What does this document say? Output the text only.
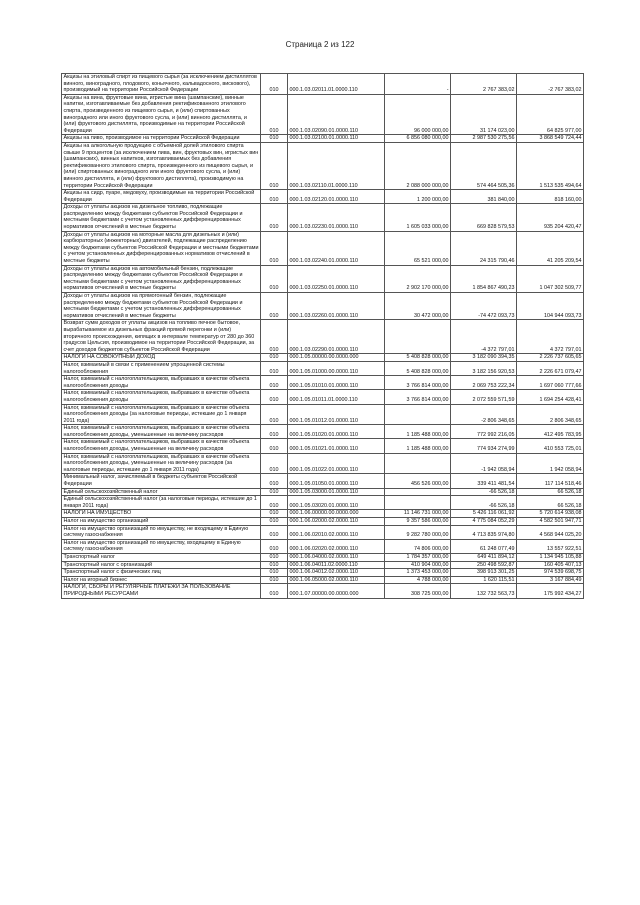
Страница 2 из 122
Акцизы на этиловый спирт из пищевого сырья (за исключением дистиллятов винного, виноградного, плодового, коньячного, кальвадосного, вискового), производимый на территории Российской Федерации	010	000.1.03.02011.01.0000.110	-	2 767 383,02	-2 767 383,02
Акцизы на вина, фруктовые вина, игристые вина (шампанские), винные напитки, изготавливаемые без добавления ректификованного этилового спирта, произведенного из пищевого сырья, и (или) спиртованных виноградного или иного фруктового сусла, и (или) винного дистиллята, и (или) фруктового дистиллята, производимые на территории Российской Федерации	010	000.1.03.02090.01.0000.110	96 000 000,00	31 174 023,00	64 825 977,00
Акцизы на пиво, производимое на территории Российской Федерации	010	000.1.03.02100.01.0000.110	6 856 080 000,00	2 987 530 275,56	3 868 549 724,44
Акцизы на алкогольную продукцию с объемной долей этилового спирта свыше 9 процентов (за исключением пива, вин, фруктовых вин, игристых вин (шампанских), винных напитков, изготавливаемых без добавления ректификованного этилового спирта, произведенного из пищевого сырья, и (или) спиртованных виноградного или иного фруктового сусла, и (или) винного дистиллята, и (или) фруктового дистиллята), производимую на территории Российской Федерации	010	000.1.03.02110.01.0000.110	2 088 000 000,00	574 464 505,36	1 513 535 494,64
Акцизы на сидр, пуаре, медовуху, производимые на территории Российской Федерации	010	000.1.03.02120.01.0000.110	1 200 000,00	381 840,00	818 160,00
Доходы от уплаты акцизов на дизельное топливо, подлежащие распределению между бюджетами субъектов Российской Федерации и местными бюджетами с учетом установленных дифференцированных нормативов отчислений в местные бюджеты	010	000.1.03.02230.01.0000.110	1 605 033 000,00	669 828 579,53	935 204 420,47
Доходы от уплаты акцизов на моторные масла для дизельных и (или) карбюраторных (инжекторных) двигателей, подлежащие распределению между бюджетами субъектов Российской Федерации и местными бюджетами с учетом установленных дифференцированных нормативов отчислений в местные бюджеты	010	000.1.03.02240.01.0000.110	65 521 000,00	24 315 790,46	41 205 209,54
Доходы от уплаты акцизов на автомобильный бензин, подлежащие распределению между бюджетами субъектов Российской Федерации и местными бюджетами с учетом установленных дифференцированных нормативов отчислений в местные бюджеты	010	000.1.03.02250.01.0000.110	2 902 170 000,00	1 854 867 490,23	1 047 302 509,77
Доходы от уплаты акцизов на прямогонный бензин, подлежащие распределению между бюджетами субъектов Российской Федерации и местными бюджетами с учетом установленных дифференцированных нормативов отчислений в местные бюджеты	010	000.1.03.02260.01.0000.110	30 472 000,00	-74 472 093,73	104 944 093,73
Возврат сумм доходов от уплаты акцизов на топливо печное бытовое, вырабатываемое из дизельных фракций прямой перегонки и (или) вторичного происхождения, кипящих в интервале температур от 280 до 360 градусов Цельсия, производимое на территории Российской Федерации, за счет доходов бюджетов субъектов Российской Федерации	010	000.1.03.02290.01.0000.110		-4 372 797,01	4 372 797,01
НАЛОГИ НА СОВОКУПНЫЙ ДОХОД	010	000.1.05.00000.00.0000.000	5 408 828 000,00	3 182 090 394,35	2 226 737 605,65
Налог, взимаемый в связи с применением упрощенной системы налогообложения	010	000.1.05.01000.00.0000.110	5 408 828 000,00	3 182 156 920,53	2 226 671 079,47
Налог, взимаемый с налогоплательщиков, выбравших в качестве объекта налогообложения доходы	010	000.1.05.01010.01.0000.110	3 766 814 000,00	2 069 753 222,34	1 697 060 777,66
Налог, взимаемый с налогоплательщиков, выбравших в качестве объекта налогообложения доходы	010	000.1.05.01011.01.0000.110	3 766 814 000,00	2 072 559 571,59	1 694 254 428,41
Налог, взимаемый с налогоплательщиков, выбравших в качестве объекта налогообложения доходы (за налоговые периоды, истекшие до 1 января 2011 года)	010	000.1.05.01012.01.0000.110		-2 806 348,65	2 806 348,65
Налог, взимаемый с налогоплательщиков, выбравших в качестве объекта налогообложения доходы, уменьшенные на величину расходов	010	000.1.05.01020.01.0000.110	1 185 488 000,00	772 992 216,05	412 495 783,95
Налог, взимаемый с налогоплательщиков, выбравших в качестве объекта налогообложения доходы, уменьшенные на величину расходов	010	000.1.05.01021.01.0000.110	1 185 488 000,00	774 934 274,99	410 553 725,01
Налог, взимаемый с налогоплательщиков, выбравших в качестве объекта налогообложения доходы, уменьшенные на величину расходов (за налоговые периоды, истекшие до 1 января 2011 года)	010	000.1.05.01022.01.0000.110		-1 942 058,94	1 942 058,94
Минимальный налог, зачисляемый в бюджеты субъектов Российской Федерации	010	000.1.05.01050.01.0000.110	456 526 000,00	339 411 481,54	117 114 518,46
Единый сельскохозяйственный налог	010	000.1.05.03000.01.0000.110		-66 526,18	66 526,18
Единый сельскохозяйственный налог (за налоговые периоды, истекшие до 1 января 2011 года)	010	000.1.05.03020.01.0000.110		-66 526,18	66 526,18
НАЛОГИ НА ИМУЩЕСТВО	010	000.1.06.00000.00.0000.000	11 146 731 000,00	5 426 116 061,92	5 720 614 938,08
Налог на имущество организаций	010	000.1.06.02000.02.0000.110	9 357 586 000,00	4 775 084 052,29	4 582 501 947,71
Налог на имущество организаций по имуществу, не входящему в Единую систему газоснабжения	010	000.1.06.02010.02.0000.110	9 282 780 000,00	4 713 835 974,80	4 568 944 025,20
Налог на имущество организаций по имуществу, входящему в Единую систему газоснабжения	010	000.1.06.02020.02.0000.110	74 806 000,00	61 248 077,49	13 557 922,51
Транспортный налог	010	000.1.06.04000.02.0000.110	1 784 357 000,00	649 411 894,12	1 134 945 105,88
Транспортный налог с организаций	010	000.1.06.04011.02.0000.110	410 904 000,00	250 498 592,87	160 405 407,13
Транспортный налог с физических лиц	010	000.1.06.04012.02.0000.110	1 373 453 000,00	398 913 301,25	974 539 698,75
Налог на игорный бизнес	010	000.1.06.05000.02.0000.110	4 788 000,00	1 620 115,51	3 167 884,49
НАЛОГИ, СБОРЫ И РЕГУЛЯРНЫЕ ПЛАТЕЖИ ЗА ПОЛЬЗОВАНИЕ ПРИРОДНЫМИ РЕСУРСАМИ	010	000.1.07.00000.00.0000.000	308 725 000,00	132 732 563,73	175 992 434,27
